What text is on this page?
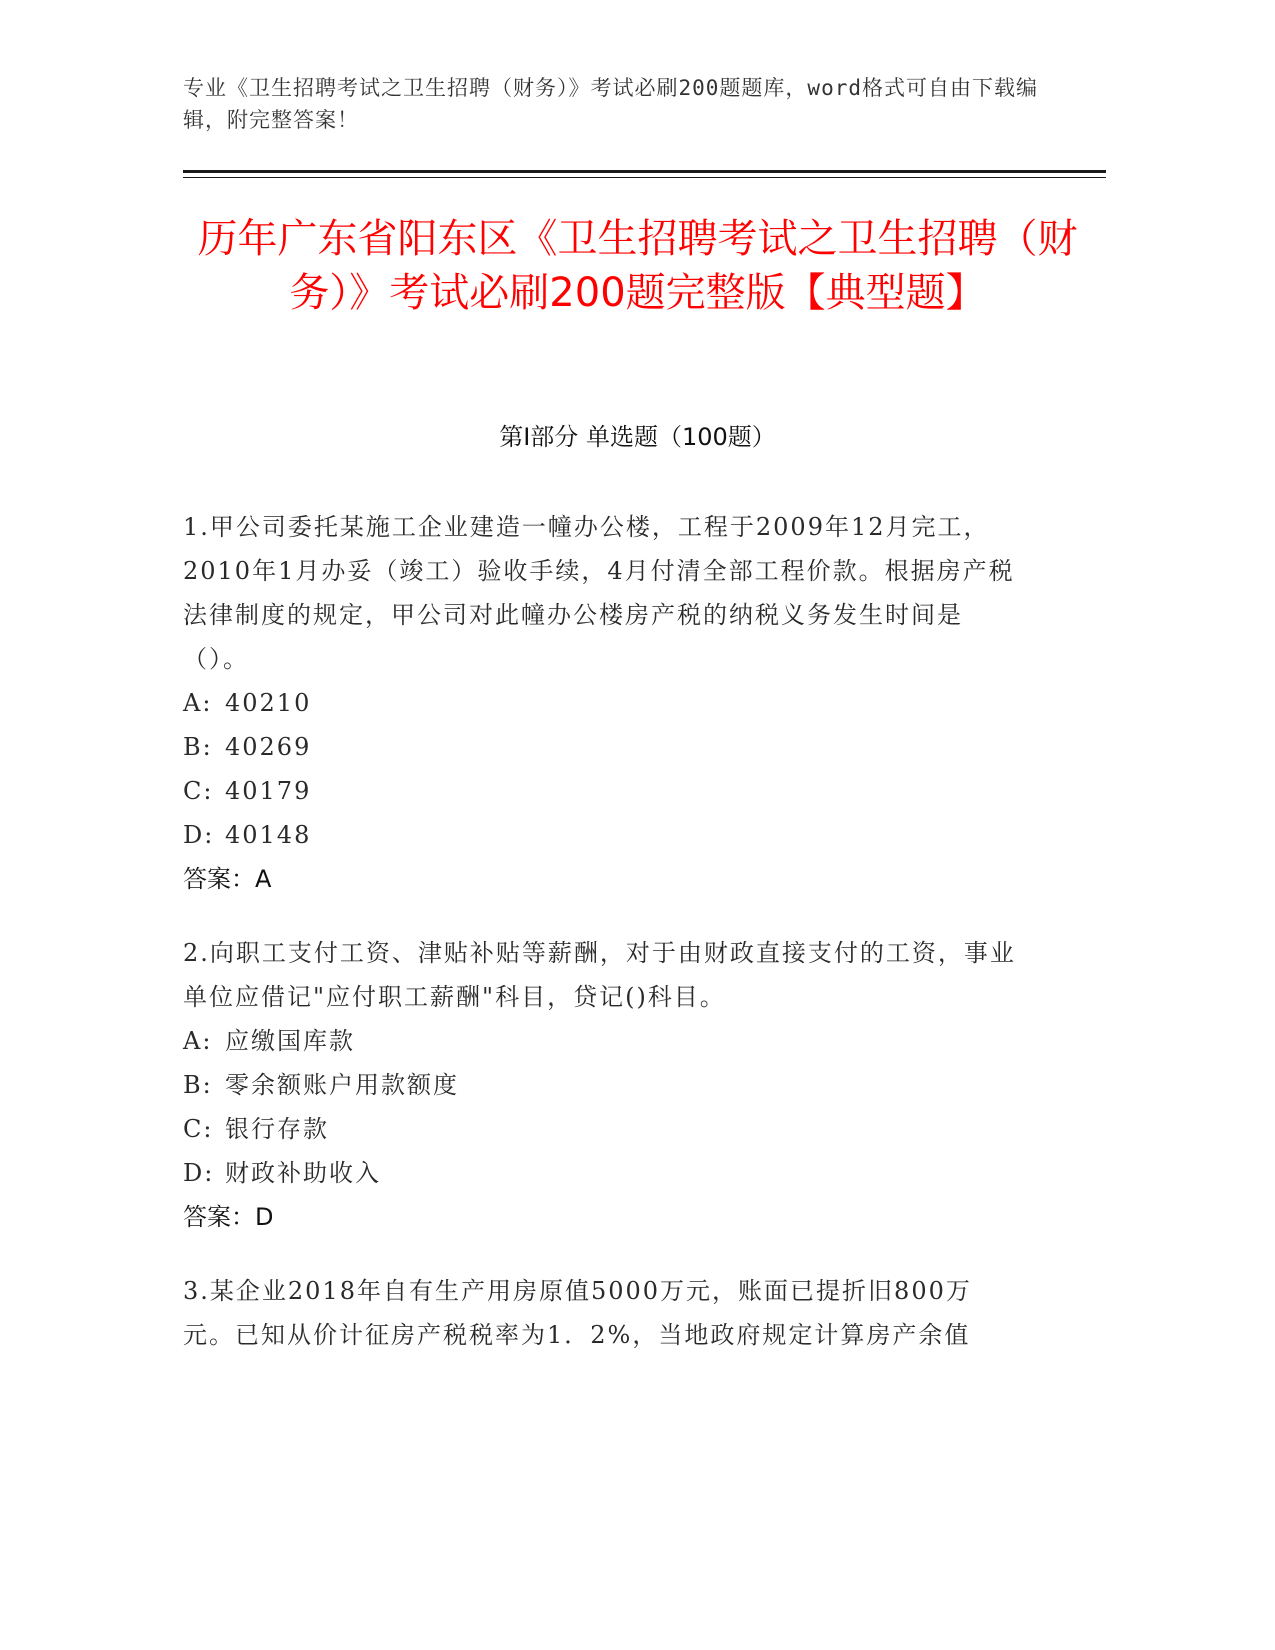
专业《卫生招聘考试之卫生招聘（财务）》考试必刷200题题库，word格式可自由下载编辑，附完整答案！
历年广东省阳东区《卫生招聘考试之卫生招聘（财务）》考试必刷200题完整版【典型题】
第Ⅰ部分 单选题（100题）

1.甲公司委托某施工企业建造一幢办公楼，工程于2009年12月完工，2010年1月办妥（竣工）验收手续，4月付清全部工程价款。根据房产税法律制度的规定，甲公司对此幢办公楼房产税的纳税义务发生时间是（）。

A: 40210

B: 40269

C: 40179

D: 40148

答案：A

2.向职工支付工资、津贴补贴等薪酬，对于由财政直接支付的工资，事业单位应借记"应付职工薪酬"科目，贷记()科目。

A: 应缴国库款

B: 零余额账户用款额度

C: 银行存款

D: 财政补助收入

答案：D

3.某企业2018年自有生产用房原值5000万元，账面已提折旧800万元。已知从价计征房产税税率为1．2%，当地政府规定计算房产余值
